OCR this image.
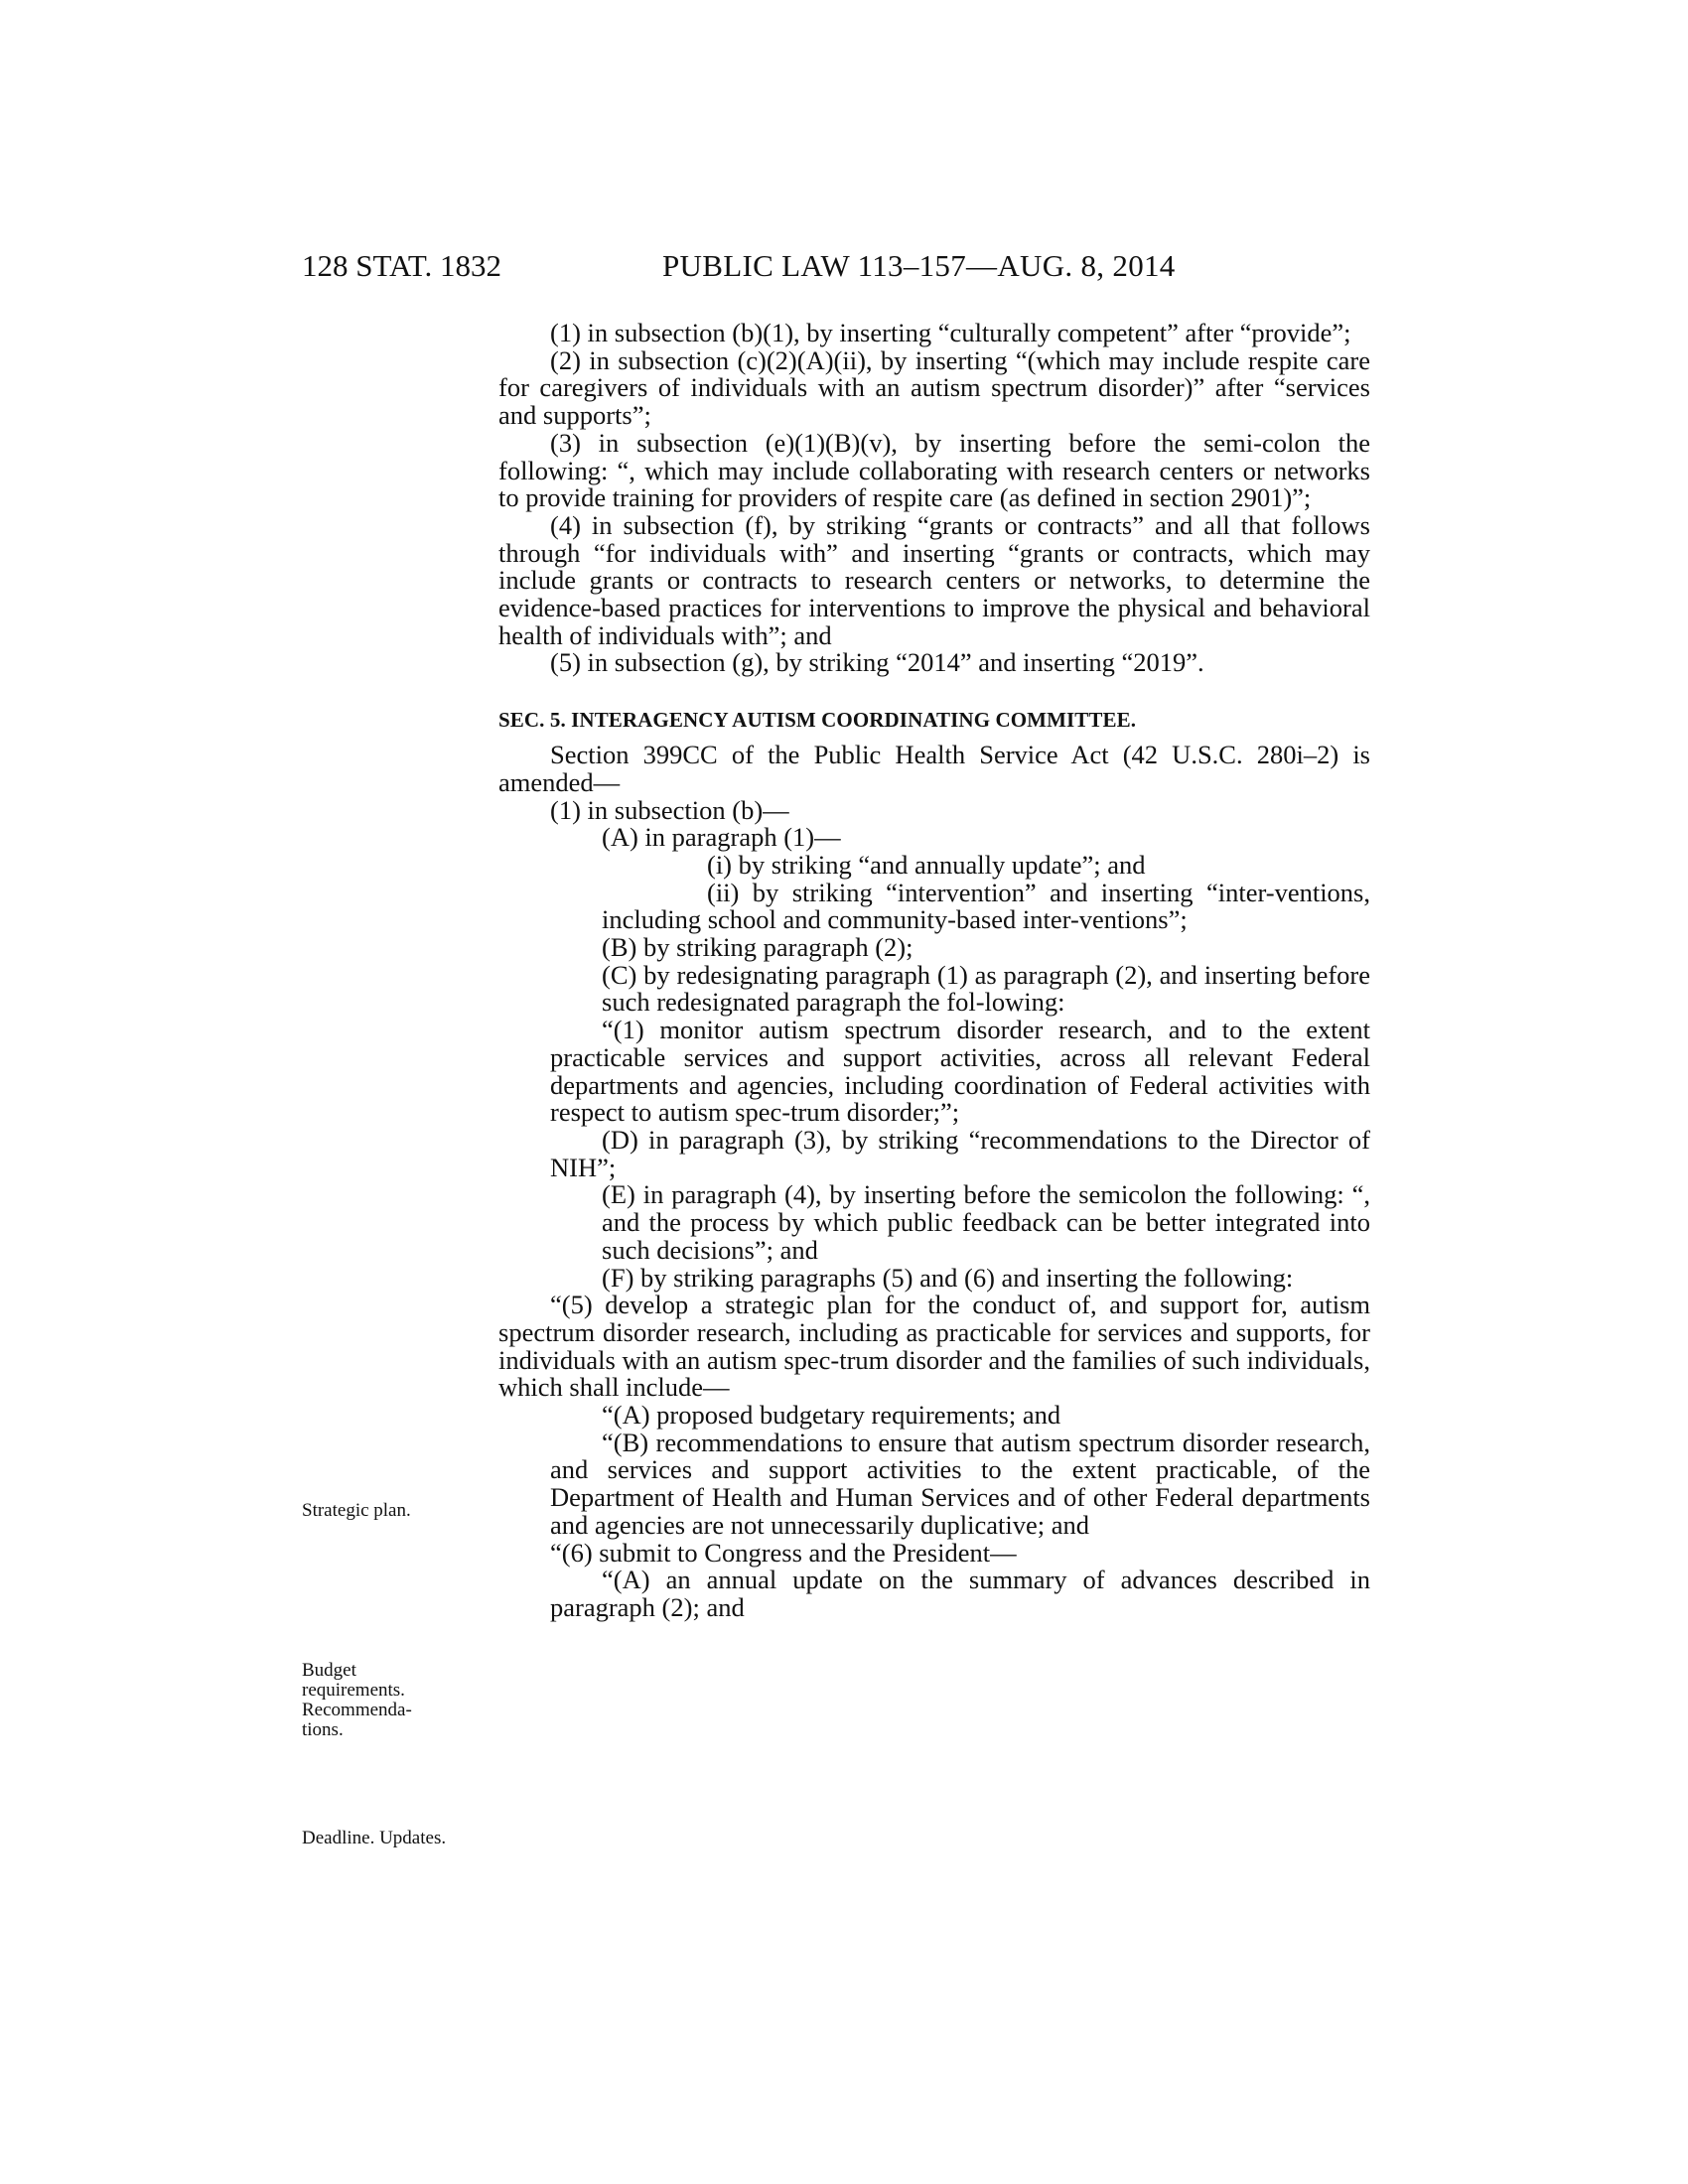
128 STAT. 1832	PUBLIC LAW 113–157—AUG. 8, 2014
Strategic plan.
Budget requirements. Recommenda-tions.
Deadline. Updates.

(1) in subsection (b)(1), by inserting “culturally competent” after “provide”;

(2) in subsection (c)(2)(A)(ii), by inserting “(which may include respite care for caregivers of individuals with an autism spectrum disorder)” after “services and supports”;

(3) in subsection (e)(1)(B)(v), by inserting before the semi-colon the following: “, which may include collaborating with research centers or networks to provide training for providers of respite care (as defined in section 2901)”;

(4) in subsection (f), by striking “grants or contracts” and all that follows through “for individuals with” and inserting “grants or contracts, which may include grants or contracts to research centers or networks, to determine the evidence-based practices for interventions to improve the physical and behavioral health of individuals with”; and

(5) in subsection (g), by striking “2014” and inserting “2019”.

SEC. 5. INTERAGENCY AUTISM COORDINATING COMMITTEE.

Section 399CC of the Public Health Service Act (42 U.S.C. 280i–2) is amended—

(1) in subsection (b)—

(A) in paragraph (1)—

(i) by striking “and annually update”; and

(ii) by striking “intervention” and inserting “inter-ventions, including school and community-based inter-ventions”;

(B) by striking paragraph (2);

(C) by redesignating paragraph (1) as paragraph (2), and inserting before such redesignated paragraph the fol-lowing:

“(1) monitor autism spectrum disorder research, and to the extent practicable services and support activities, across all relevant Federal departments and agencies, including coordination of Federal activities with respect to autism spec-trum disorder;”;

(D) in paragraph (3), by striking “recommendations to the Director of NIH”;

(E) in paragraph (4), by inserting before the semicolon the following: “, and the process by which public feedback can be better integrated into such decisions”; and

(F) by striking paragraphs (5) and (6) and inserting the following:

“(5) develop a strategic plan for the conduct of, and support for, autism spectrum disorder research, including as practicable for services and supports, for individuals with an autism spec-trum disorder and the families of such individuals, which shall include—

“(A) proposed budgetary requirements; and

“(B) recommendations to ensure that autism spectrum disorder research, and services and support activities to the extent practicable, of the Department of Health and Human Services and of other Federal departments and agencies are not unnecessarily duplicative; and

“(6) submit to Congress and the President—

“(A) an annual update on the summary of advances described in paragraph (2); and
